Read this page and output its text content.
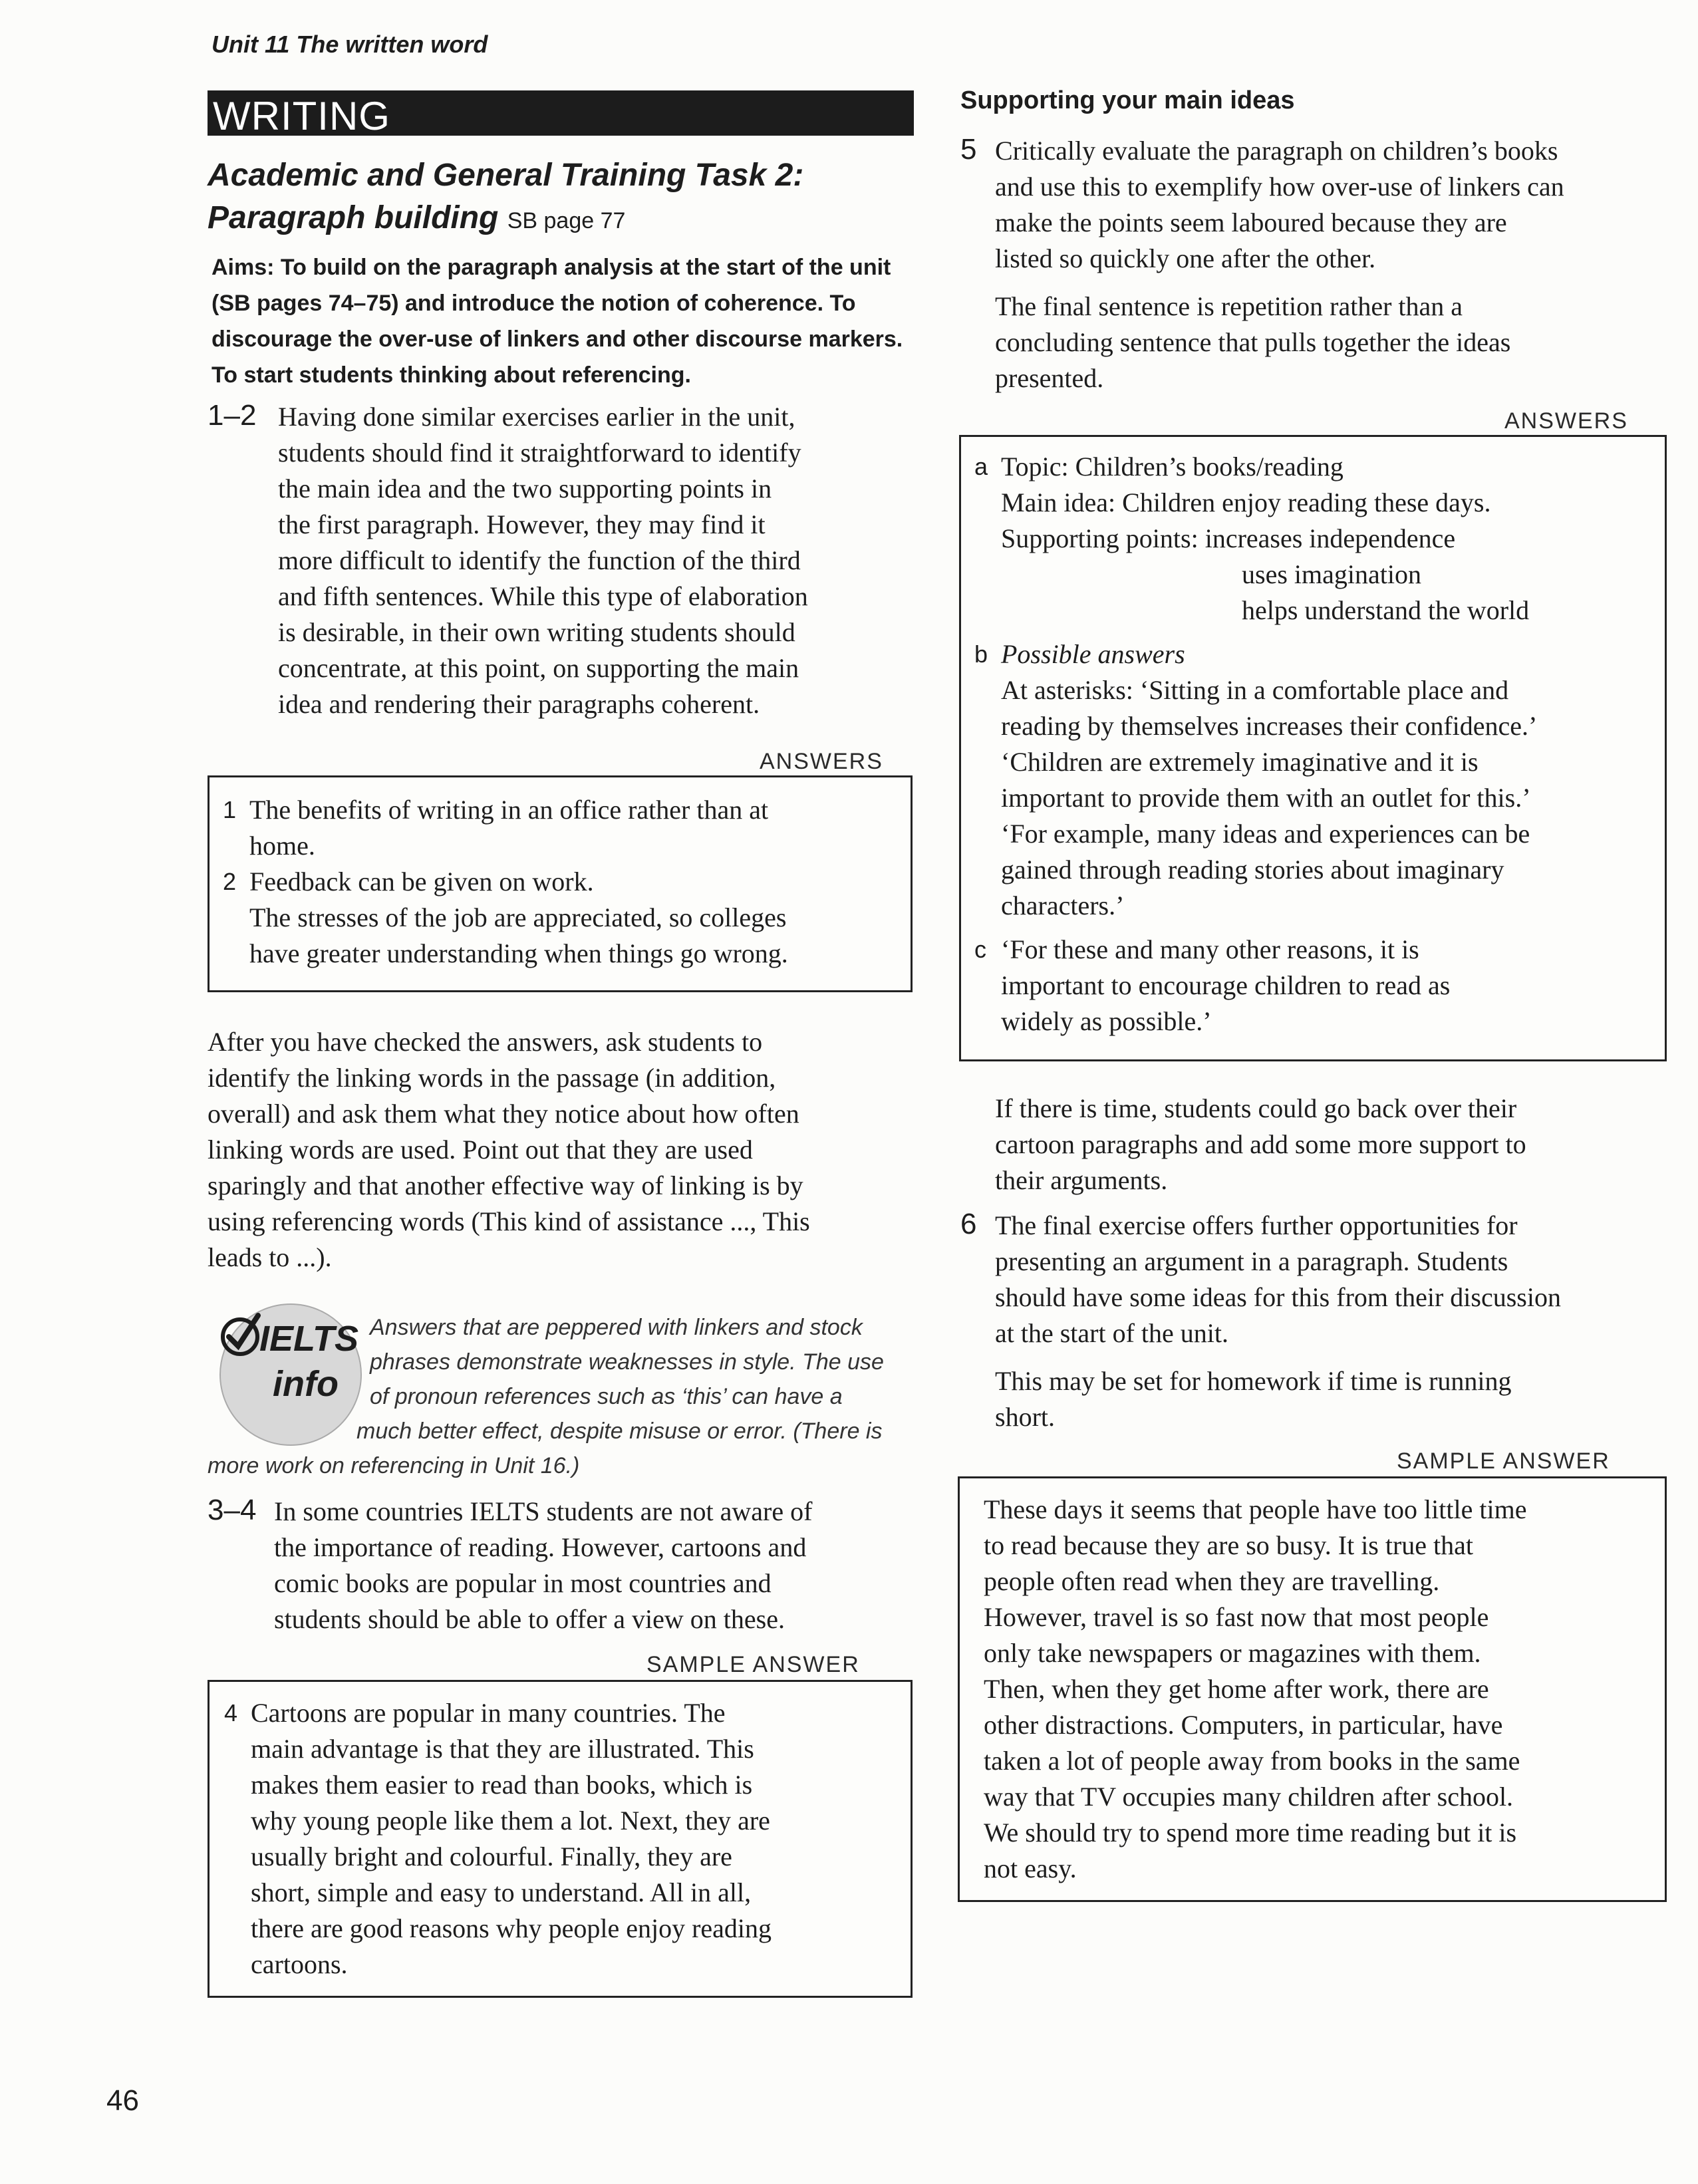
Unit 11 The written word
WRITING
Academic and General Training Task 2: Paragraph building SB page 77
Aims: To build on the paragraph analysis at the start of the unit (SB pages 74–75) and introduce the notion of coherence. To discourage the over-use of linkers and other discourse markers. To start students thinking about referencing.
1–2 Having done similar exercises earlier in the unit,
students should find it straightforward to identify
the main idea and the two supporting points in
the first paragraph. However, they may find it
more difficult to identify the function of the third
and fifth sentences. While this type of elaboration
is desirable, in their own writing students should
concentrate, at this point, on supporting the main
idea and rendering their paragraphs coherent.
ANSWERS
1 The benefits of writing in an office rather than at
home.
2 Feedback can be given on work.
The stresses of the job are appreciated, so colleges
have greater understanding when things go wrong.
After you have checked the answers, ask students to
identify the linking words in the passage (in addition,
overall) and ask them what they notice about how often
linking words are used. Point out that they are used
sparingly and that another effective way of linking is by
using referencing words (This kind of assistance ..., This
leads to ...).
IELTS
info
Answers that are peppered with linkers and stock
phrases demonstrate weaknesses in style. The use
of pronoun references such as ‘this’ can have a
much better effect, despite misuse or error. (There is
more work on referencing in Unit 16.)
3–4 In some countries IELTS students are not aware of
the importance of reading. However, cartoons and
comic books are popular in most countries and
students should be able to offer a view on these.
SAMPLE ANSWER
4 Cartoons are popular in many countries. The
main advantage is that they are illustrated. This
makes them easier to read than books, which is
why young people like them a lot. Next, they are
usually bright and colourful. Finally, they are
short, simple and easy to understand. All in all,
there are good reasons why people enjoy reading
cartoons.
46
Supporting your main ideas
5 Critically evaluate the paragraph on children’s books
and use this to exemplify how over-use of linkers can
make the points seem laboured because they are
listed so quickly one after the other.
The final sentence is repetition rather than a
concluding sentence that pulls together the ideas
presented.
ANSWERS
a Topic: Children’s books/reading
Main idea: Children enjoy reading these days.
Supporting points: increases independence
uses imagination
helps understand the world
b Possible answers
At asterisks: ‘Sitting in a comfortable place and
reading by themselves increases their confidence.’
‘Children are extremely imaginative and it is
important to provide them with an outlet for this.’
‘For example, many ideas and experiences can be
gained through reading stories about imaginary
characters.’
c ‘For these and many other reasons, it is
important to encourage children to read as
widely as possible.’
If there is time, students could go back over their
cartoon paragraphs and add some more support to
their arguments.
6 The final exercise offers further opportunities for
presenting an argument in a paragraph. Students
should have some ideas for this from their discussion
at the start of the unit.
This may be set for homework if time is running
short.
SAMPLE ANSWER
These days it seems that people have too little time
to read because they are so busy. It is true that
people often read when they are travelling.
However, travel is so fast now that most people
only take newspapers or magazines with them.
Then, when they get home after work, there are
other distractions. Computers, in particular, have
taken a lot of people away from books in the same
way that TV occupies many children after school.
We should try to spend more time reading but it is
not easy.
